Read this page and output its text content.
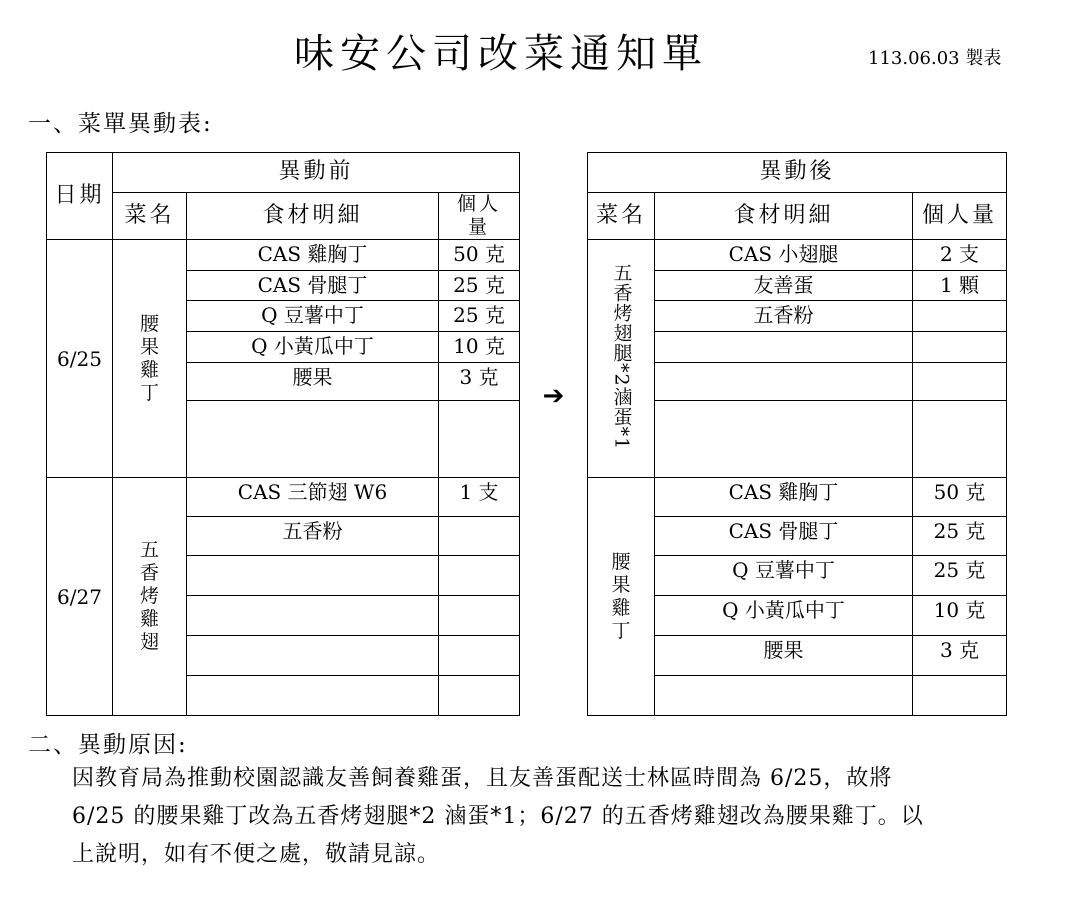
味安公司改菜通知單	113.06.03 製表
一、菜單異動表:
日期	異動前			➔	異動後		
	菜名	食材明細	個人量		菜名	食材明細	個人量
6/25	腰果雞丁	CAS 雞胸丁	50 克		五香烤翅腿*2滷蛋*1	CAS 小翅腿	2 支
		CAS 骨腿丁	25 克			友善蛋	1 顆
		Q 豆薯中丁	25 克			五香粉	
		Q 小黃瓜中丁	10 克				
		腰果	3 克				

6/27	五香烤雞翅	CAS 三節翅 W6	1 支		腰果雞丁	CAS 雞胸丁	50 克
		五香粉				CAS 骨腿丁	25 克
						Q 豆薯中丁	25 克
						Q 小黃瓜中丁	10 克
						腰果	3 克

二、異動原因:
因教育局為推動校園認識友善飼養雞蛋，且友善蛋配送士林區時間為 6/25，故將
6/25 的腰果雞丁改為五香烤翅腿*2 滷蛋*1；6/27 的五香烤雞翅改為腰果雞丁。以
上說明，如有不便之處，敬請見諒。
